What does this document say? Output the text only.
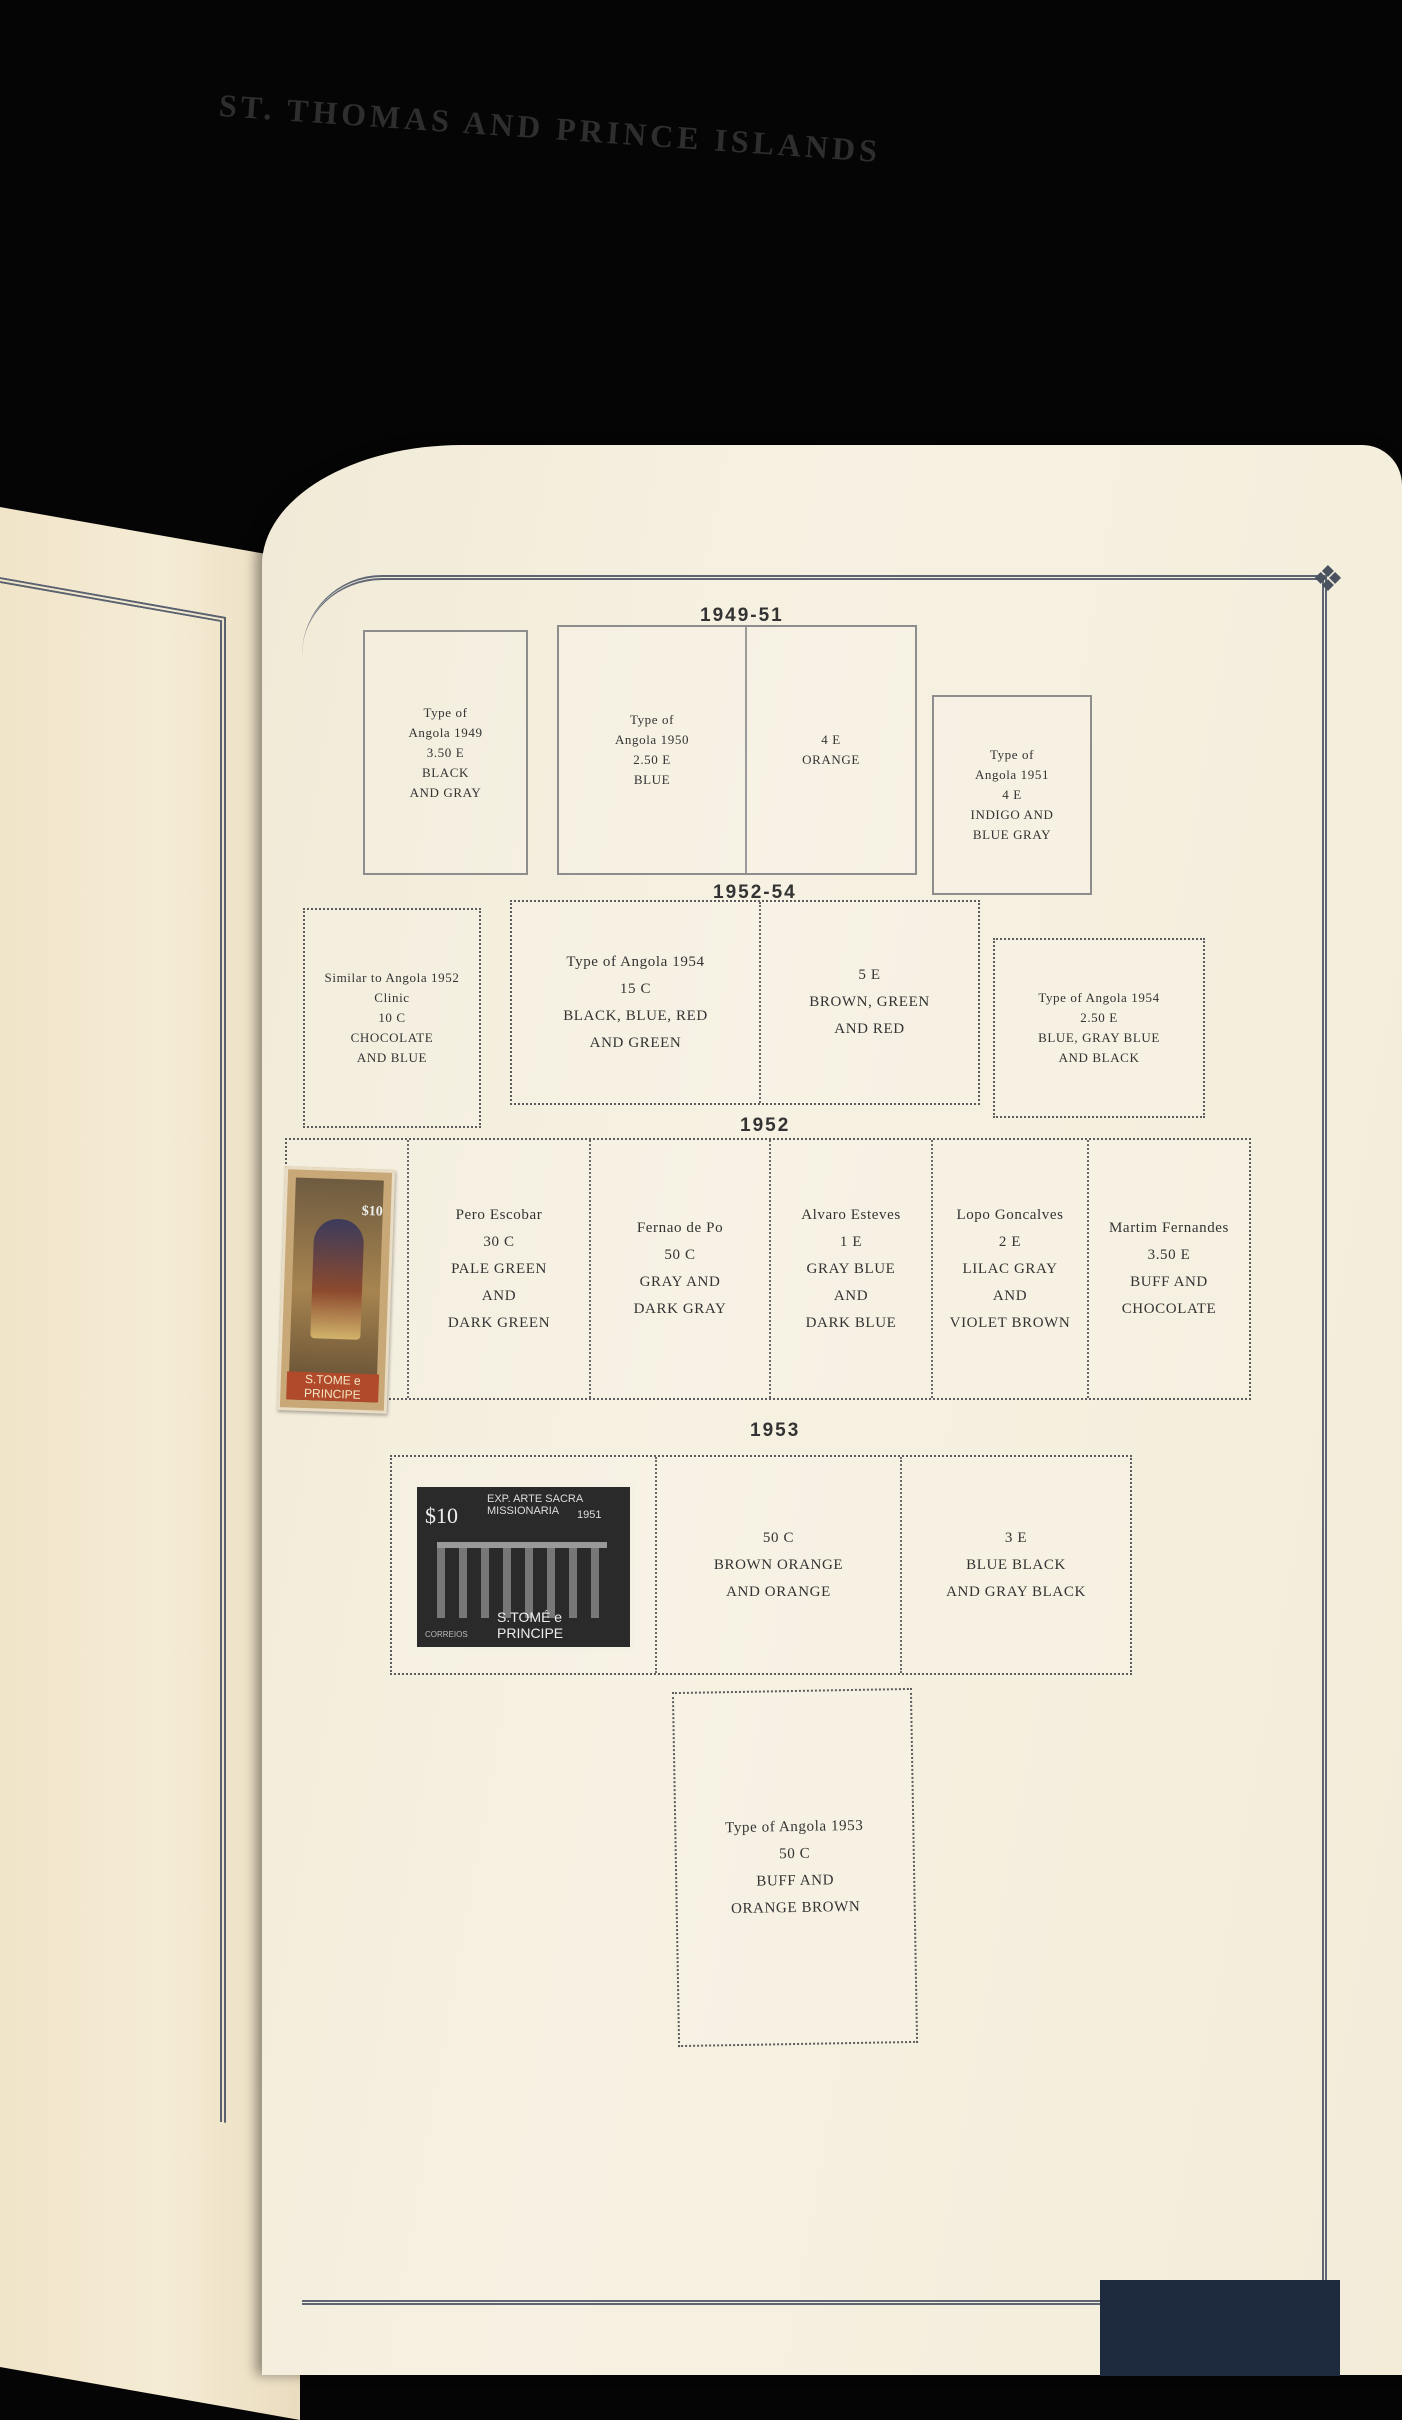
❖
ST. THOMAS AND PRINCE ISLANDS
1949-51
Type of
Angola 1949
3.50 E
BLACK
AND GRAY
Type of
Angola 1950
2.50 E
BLUE
4 E
ORANGE	Type of
Angola 1951
4 E
INDIGO AND
BLUE GRAY
1952-54
Similar to Angola 1952
Clinic
10 C
CHOCOLATE
AND BLUE
Type of Angola 1954
15 C
BLACK, BLUE, RED
AND GREEN
5 E
BROWN, GREEN
AND RED
Type of Angola 1954
2.50 E
BLUE, GRAY BLUE
AND BLACK
1952
Pero Escobar
30 C
PALE GREEN
AND
DARK GREEN
Fernao de Po
50 C
GRAY AND
DARK GRAY
Alvaro Esteves
1 E
GRAY BLUE
AND
DARK BLUE
Lopo Goncalves
2 E
LILAC GRAY
AND
VIOLET BROWN
Martim Fernandes
3.50 E
BUFF AND
CHOCOLATE
$10
S.TOME e PRINCIPE
1953
50 C
BROWN ORANGE
AND ORANGE
3 E
BLUE BLACK
AND GRAY BLACK
$10
EXP. ARTE SACRA MISSIONARIA	1951
CORREIOS
S.TOMÉ e PRINCIPE
Type of Angola 1953
50 C
BUFF AND
ORANGE BROWN
